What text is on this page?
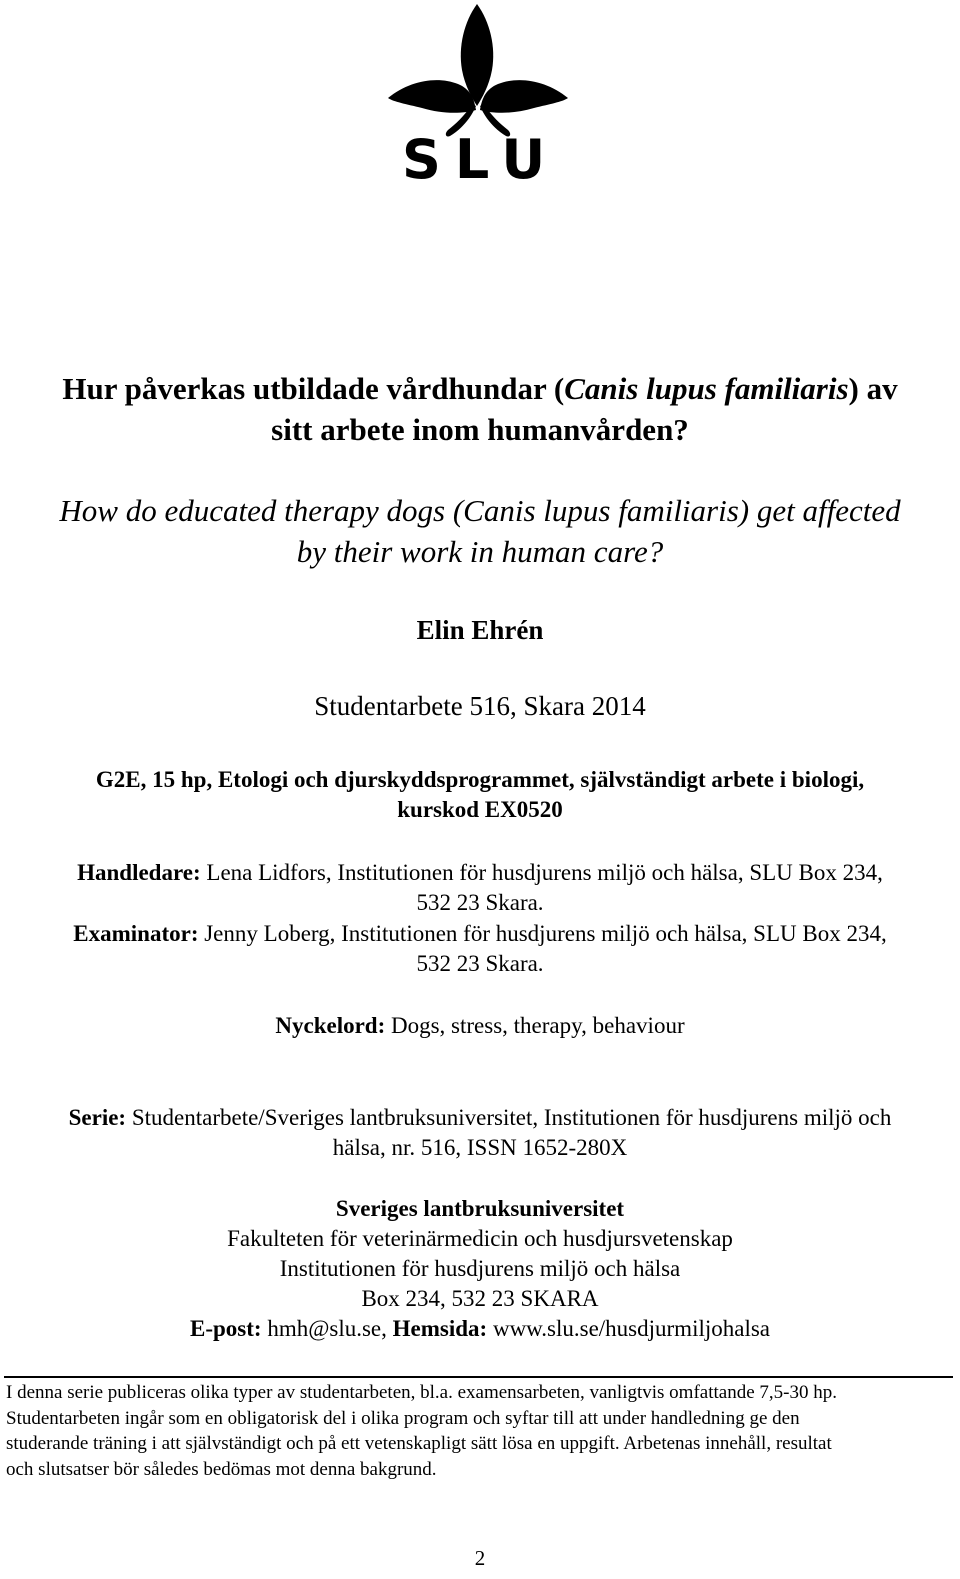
SLU
Hur påverkas utbildade vårdhundar (Canis lupus familiaris) av
sitt arbete inom humanvården?
How do educated therapy dogs (Canis lupus familiaris) get affected
by their work in human care?
Elin Ehrén
Studentarbete 516, Skara 2014
G2E, 15 hp, Etologi och djurskyddsprogrammet, självständigt arbete i biologi,
kurskod EX0520
Handledare: Lena Lidfors, Institutionen för husdjurens miljö och hälsa, SLU Box 234,
532 23 Skara.
Examinator: Jenny Loberg, Institutionen för husdjurens miljö och hälsa, SLU Box 234,
532 23 Skara.
Nyckelord: Dogs, stress, therapy, behaviour
Serie: Studentarbete/Sveriges lantbruksuniversitet, Institutionen för husdjurens miljö och
hälsa, nr. 516, ISSN 1652-280X
Sveriges lantbruksuniversitet
Fakulteten för veterinärmedicin och husdjursvetenskap
Institutionen för husdjurens miljö och hälsa
Box 234, 532 23 SKARA
E-post: hmh@slu.se, Hemsida: www.slu.se/husdjurmiljohalsa
I denna serie publiceras olika typer av studentarbeten, bl.a. examensarbeten, vanligtvis omfattande 7,5-30 hp.
Studentarbeten ingår som en obligatorisk del i olika program och syftar till att under handledning ge den
studerande träning i att självständigt och på ett vetenskapligt sätt lösa en uppgift. Arbetenas innehåll, resultat
och slutsatser bör således bedömas mot denna bakgrund.
2
